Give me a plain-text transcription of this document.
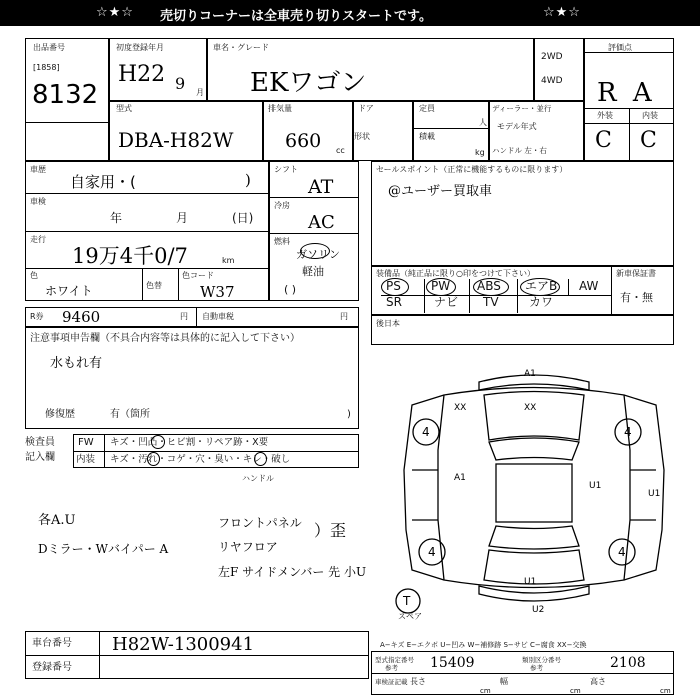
☆★☆ 売切りコーナーは全車売り切りスタートです。	☆★☆
出品番号
[1858]
8132
初度登録年月
H22 9 月
車名・グレード
EKワゴン
2WD
4WD
評価点
R A
外装	内装
C C
型式
DBA-H82W
排気量
660 cc
ドア
形状
定員
人
積載
kg
ディーラー・並行
モデル年式
ハンドル 左・右
車歴
自家用・(	)
車検
年	月	(日)
走行
19万4千0/7	km
色
ホワイト	色替
色コード
W37
シフト
AT
冷房
AC
燃料
ガソリン
軽油
( )
セールスポイント（正常に機能するものに限ります）
@ユーザー買取車
装備品（純正品に限り○印をつけて下さい）	新車保証書
有・無
PS	PW ABS エアB AW
SR	ナビ TV	カワ
R券 9460	円 自動車税	円
後日本
注意事項申告欄（不具合内容等は具体的に記入して下さい）
水もれ有
修復歴	有（箇所	)
検査員
記入欄
FW キズ・凹凸・ヒビ割・リペア跡・X要
内装 キズ・汚れ・コゲ・穴・臭い・キレ・破し
ハンドル
各A.U
Dミラー・Wバイパー A
フロントパネル
リヤフロア
左F サイドメンバー 先 小U
）歪
A1
XX	XX
4	4
A1
U1
4	4
U1
U1
U2
T
スペア
A−キズ E−エクボ U−凹み W−補修跡 S−サビ C−腐食 XX−交換
車台番号 H82W-1300941
登録番号
型式指定番号
参考 15409	類別区分番号
参考	2108
車検証記載 長さ
cm
幅
cm
高さ
cm
